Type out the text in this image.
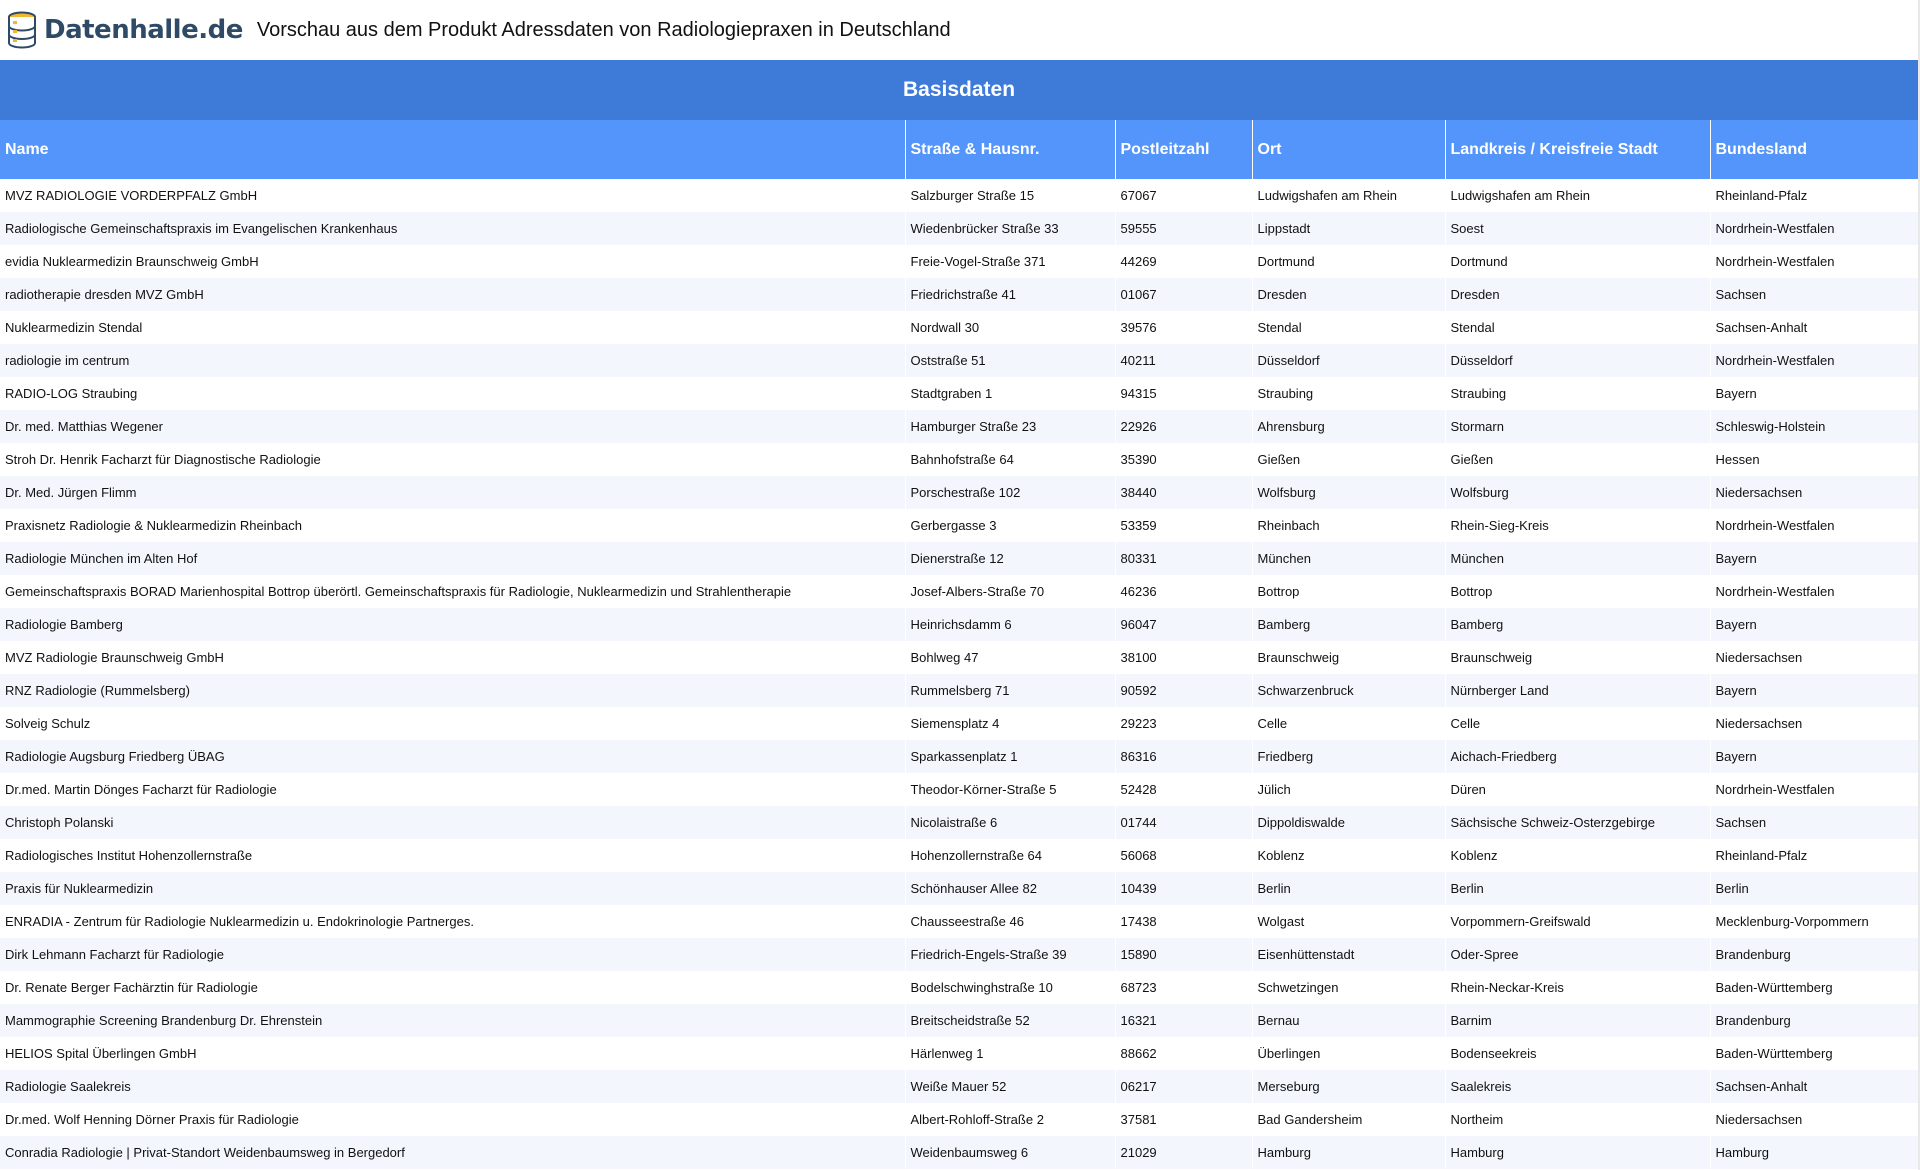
Datenhalle.de Vorschau aus dem Produkt Adressdaten von Radiologiepraxen in Deutschland
Basisdaten					
Name	Straße & Hausnr.	Postleitzahl	Ort	Landkreis / Kreisfreie Stadt	Bundesland
MVZ RADIOLOGIE VORDERPFALZ GmbH	Salzburger Straße 15	67067	Ludwigshafen am Rhein	Ludwigshafen am Rhein	Rheinland-Pfalz
Radiologische Gemeinschaftspraxis im Evangelischen Krankenhaus	Wiedenbrücker Straße 33	59555	Lippstadt	Soest	Nordrhein-Westfalen
evidia Nuklearmedizin Braunschweig GmbH	Freie-Vogel-Straße 371	44269	Dortmund	Dortmund	Nordrhein-Westfalen
radiotherapie dresden MVZ GmbH	Friedrichstraße 41	01067	Dresden	Dresden	Sachsen
Nuklearmedizin Stendal	Nordwall 30	39576	Stendal	Stendal	Sachsen-Anhalt
radiologie im centrum	Oststraße 51	40211	Düsseldorf	Düsseldorf	Nordrhein-Westfalen
RADIO-LOG Straubing	Stadtgraben 1	94315	Straubing	Straubing	Bayern
Dr. med. Matthias Wegener	Hamburger Straße 23	22926	Ahrensburg	Stormarn	Schleswig-Holstein
Stroh Dr. Henrik Facharzt für Diagnostische Radiologie	Bahnhofstraße 64	35390	Gießen	Gießen	Hessen
Dr. Med. Jürgen Flimm	Porschestraße 102	38440	Wolfsburg	Wolfsburg	Niedersachsen
Praxisnetz Radiologie & Nuklearmedizin Rheinbach	Gerbergasse 3	53359	Rheinbach	Rhein-Sieg-Kreis	Nordrhein-Westfalen
Radiologie München im Alten Hof	Dienerstraße 12	80331	München	München	Bayern
Gemeinschaftspraxis BORAD Marienhospital Bottrop überörtl. Gemeinschaftspraxis für Radiologie, Nuklearmedizin und Strahlentherapie	Josef-Albers-Straße 70	46236	Bottrop	Bottrop	Nordrhein-Westfalen
Radiologie Bamberg	Heinrichsdamm 6	96047	Bamberg	Bamberg	Bayern
MVZ Radiologie Braunschweig GmbH	Bohlweg 47	38100	Braunschweig	Braunschweig	Niedersachsen
RNZ Radiologie (Rummelsberg)	Rummelsberg 71	90592	Schwarzenbruck	Nürnberger Land	Bayern
Solveig Schulz	Siemensplatz 4	29223	Celle	Celle	Niedersachsen
Radiologie Augsburg Friedberg ÜBAG	Sparkassenplatz 1	86316	Friedberg	Aichach-Friedberg	Bayern
Dr.med. Martin Dönges Facharzt für Radiologie	Theodor-Körner-Straße 5	52428	Jülich	Düren	Nordrhein-Westfalen
Christoph Polanski	Nicolaistraße 6	01744	Dippoldiswalde	Sächsische Schweiz-Osterzgebirge	Sachsen
Radiologisches Institut Hohenzollernstraße	Hohenzollernstraße 64	56068	Koblenz	Koblenz	Rheinland-Pfalz
Praxis für Nuklearmedizin	Schönhauser Allee 82	10439	Berlin	Berlin	Berlin
ENRADIA - Zentrum für Radiologie Nuklearmedizin u. Endokrinologie Partnerges.	Chausseestraße 46	17438	Wolgast	Vorpommern-Greifswald	Mecklenburg-Vorpommern
Dirk Lehmann Facharzt für Radiologie	Friedrich-Engels-Straße 39	15890	Eisenhüttenstadt	Oder-Spree	Brandenburg
Dr. Renate Berger Fachärztin für Radiologie	Bodelschwinghstraße 10	68723	Schwetzingen	Rhein-Neckar-Kreis	Baden-Württemberg
Mammographie Screening Brandenburg Dr. Ehrenstein	Breitscheidstraße 52	16321	Bernau	Barnim	Brandenburg
HELIOS Spital Überlingen GmbH	Härlenweg 1	88662	Überlingen	Bodenseekreis	Baden-Württemberg
Radiologie Saalekreis	Weiße Mauer 52	06217	Merseburg	Saalekreis	Sachsen-Anhalt
Dr.med. Wolf Henning Dörner Praxis für Radiologie	Albert-Rohloff-Straße 2	37581	Bad Gandersheim	Northeim	Niedersachsen
Conradia Radiologie | Privat-Standort Weidenbaumsweg in Bergedorf	Weidenbaumsweg 6	21029	Hamburg	Hamburg	Hamburg
